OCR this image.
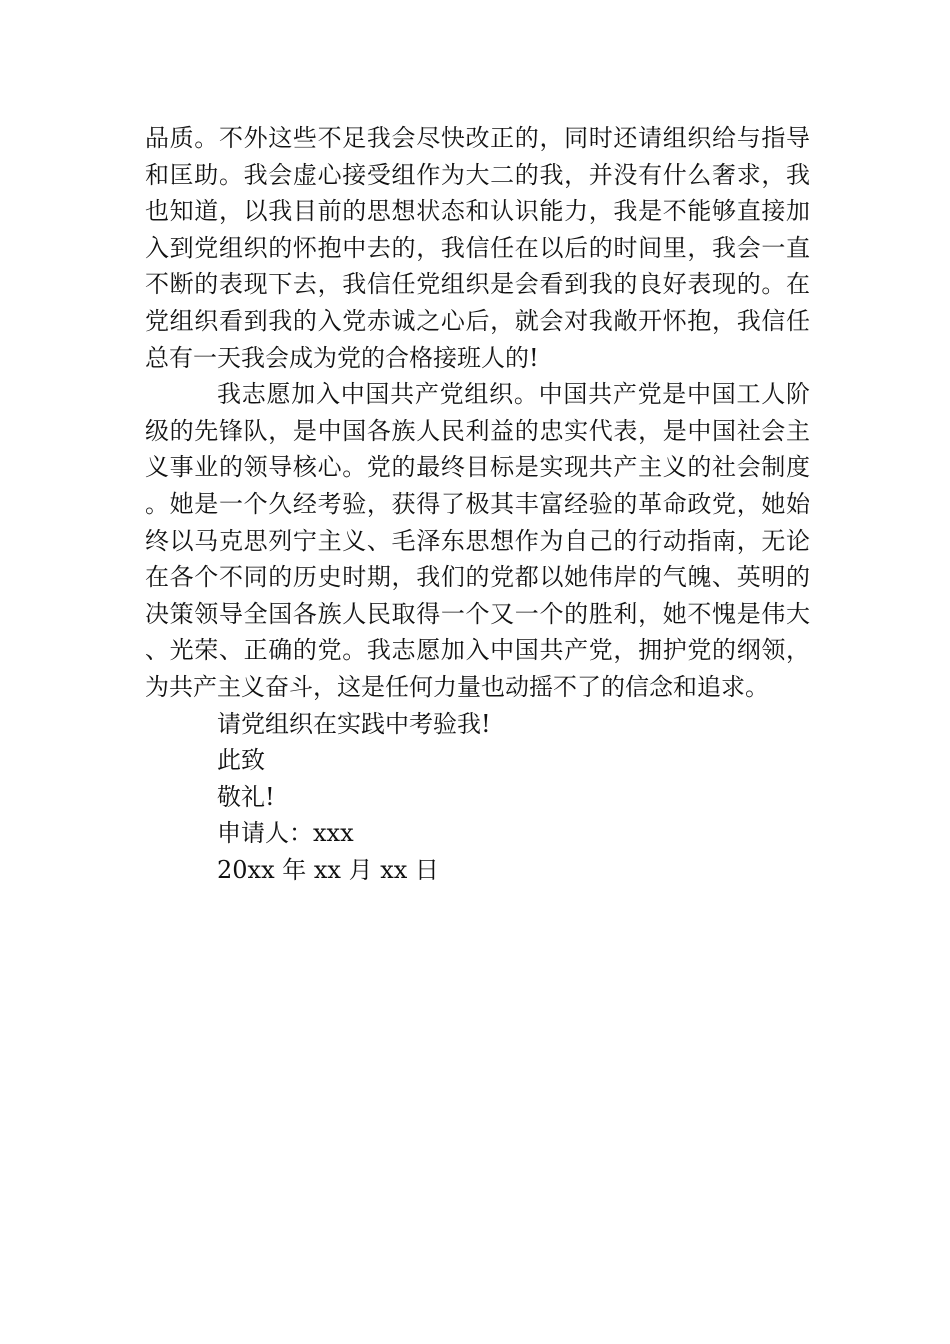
品质。不外这些不足我会尽快改正的，同时还请组织给与指导和匡助。我会虚心接受组作为大二的我，并没有什么奢求，我也知道，以我目前的思想状态和认识能力，我是不能够直接加入到党组织的怀抱中去的，我信任在以后的时间里，我会一直不断的表现下去，我信任党组织是会看到我的良好表现的。在党组织看到我的入党赤诚之心后，就会对我敞开怀抱，我信任总有一天我会成为党的合格接班人的!

我志愿加入中国共产党组织。中国共产党是中国工人阶级的先锋队，是中国各族人民利益的忠实代表，是中国社会主义事业的领导核心。党的最终目标是实现共产主义的社会制度。她是一个久经考验，获得了极其丰富经验的革命政党，她始终以马克思列宁主义、毛泽东思想作为自己的行动指南，无论在各个不同的历史时期，我们的党都以她伟岸的气魄、英明的决策领导全国各族人民取得一个又一个的胜利，她不愧是伟大、光荣、正确的党。我志愿加入中国共产党，拥护党的纲领，为共产主义奋斗，这是任何力量也动摇不了的信念和追求。

请党组织在实践中考验我!

此致

敬礼!

申请人：xxx

20xx 年 xx 月 xx 日
